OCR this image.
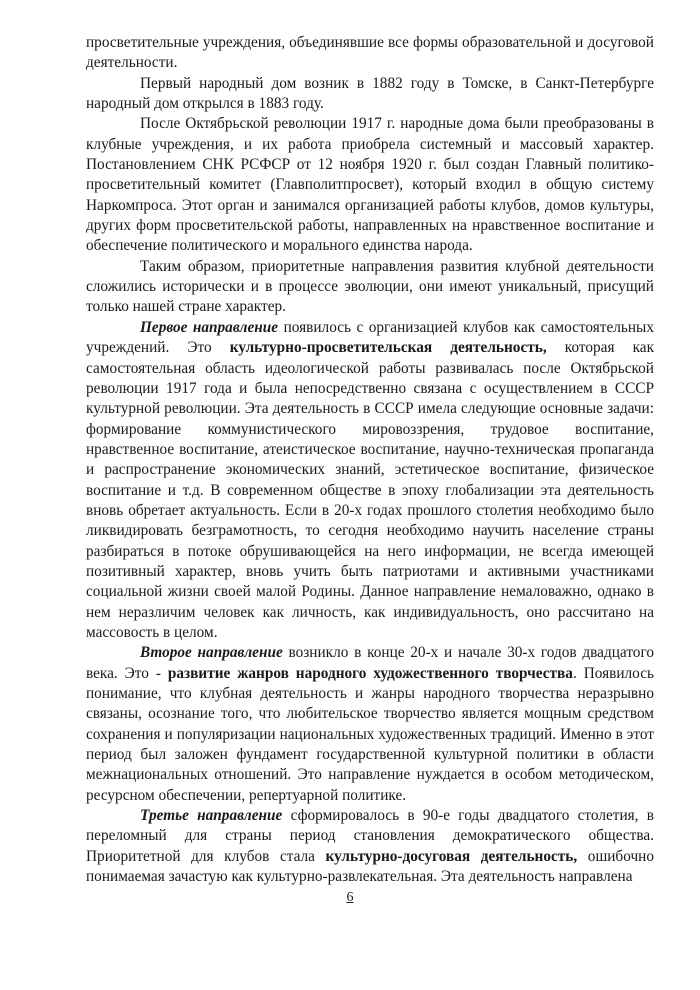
просветительные учреждения, объединявшие все формы образовательной и досуговой деятельности.

Первый народный дом возник в 1882 году в Томске, в Санкт-Петербурге народный дом открылся в 1883 году.

После Октябрьской революции 1917 г. народные дома были преобразованы в клубные учреждения, и их работа приобрела системный и массовый характер. Постановлением СНК РСФСР от 12 ноября 1920 г. был создан Главный политико-просветительный комитет (Главполитпросвет), который входил в общую систему Наркомпроса. Этот орган и занимался организацией работы клубов, домов культуры, других форм просветительской работы, направленных на нравственное воспитание и обеспечение политического и морального единства народа.

Таким образом, приоритетные направления развития клубной деятельности сложились исторически и в процессе эволюции, они имеют уникальный, присущий только нашей стране характер.

Первое направление появилось с организацией клубов как самостоятельных учреждений. Это культурно-просветительская деятельность, которая как самостоятельная область идеологической работы развивалась после Октябрьской революции 1917 года и была непосредственно связана с осуществлением в СССР культурной революции. Эта деятельность в СССР имела следующие основные задачи: формирование коммунистического мировоззрения, трудовое воспитание, нравственное воспитание, атеистическое воспитание, научно-техническая пропаганда и распространение экономических знаний, эстетическое воспитание, физическое воспитание и т.д. В современном обществе в эпоху глобализации эта деятельность вновь обретает актуальность. Если в 20-х годах прошлого столетия необходимо было ликвидировать безграмотность, то сегодня необходимо научить население страны разбираться в потоке обрушивающейся на него информации, не всегда имеющей позитивный характер, вновь учить быть патриотами и активными участниками социальной жизни своей малой Родины. Данное направление немаловажно, однако в нем неразличим человек как личность, как индивидуальность, оно рассчитано на массовость в целом.

Второе направление возникло в конце 20-х и начале 30-х годов двадцатого века. Это - развитие жанров народного художественного творчества. Появилось понимание, что клубная деятельность и жанры народного творчества неразрывно связаны, осознание того, что любительское творчество является мощным средством сохранения и популяризации национальных художественных традиций. Именно в этот период был заложен фундамент государственной культурной политики в области межнациональных отношений. Это направление нуждается в особом методическом, ресурсном обеспечении, репертуарной политике.

Третье направление сформировалось в 90-е годы двадцатого столетия, в переломный для страны период становления демократического общества. Приоритетной для клубов стала культурно-досуговая деятельность, ошибочно понимаемая зачастую как культурно-развлекательная. Эта деятельность направлена

6
